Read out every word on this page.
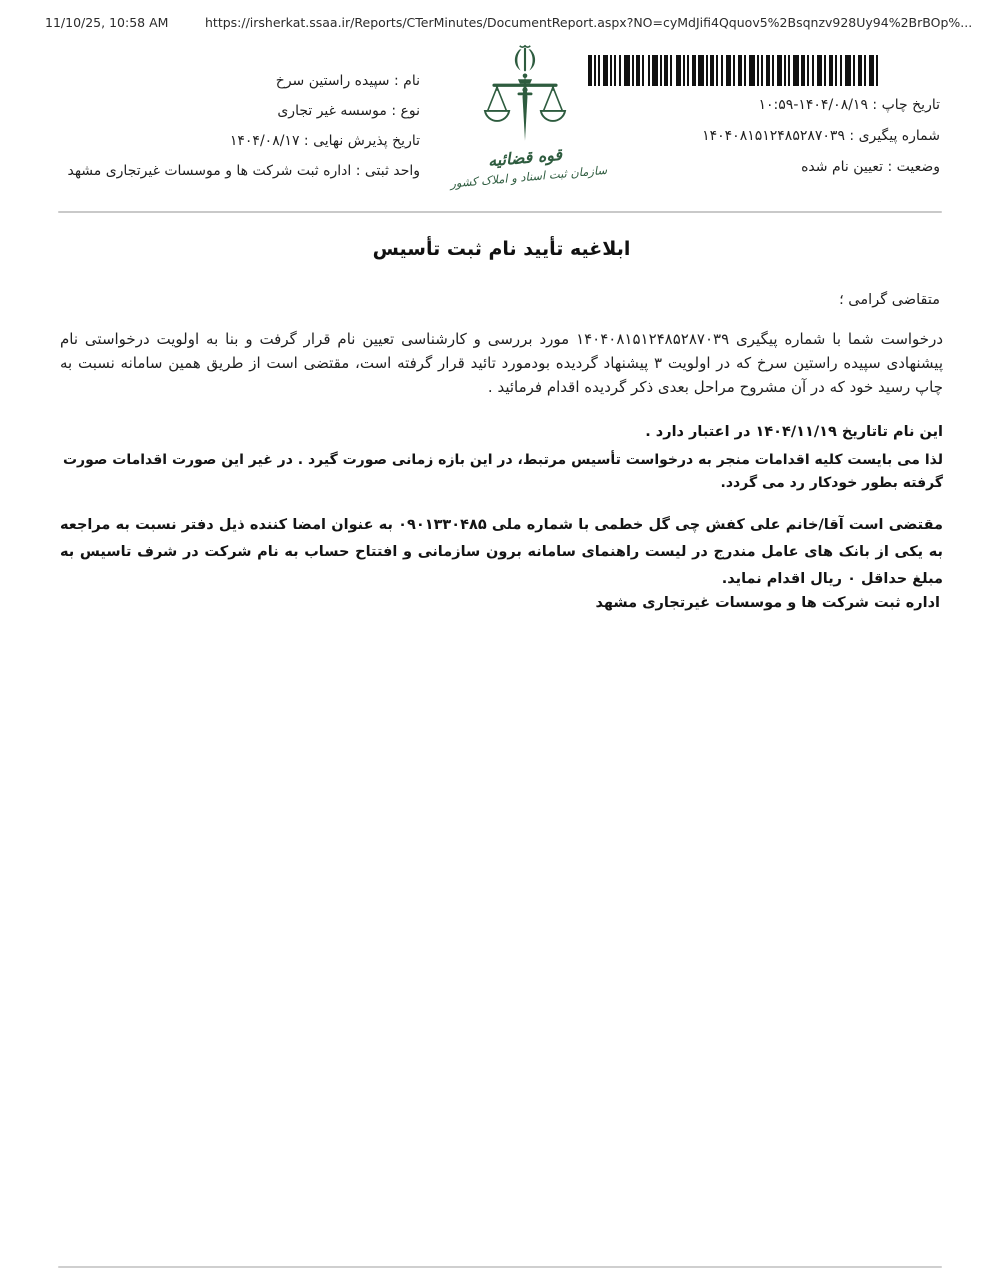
11/10/25, 10:58 AM	https://irsherkat.ssaa.ir/Reports/CTerMinutes/DocumentReport.aspx?NO=cyMdJifi4Qquov5%2Bsqnzv928Uy94%2BrBOp%...
نام : سپیده راستین سرخ
نوع : موسسه غیر تجاری
تاریخ پذیرش نهایی : ۱۴۰۴/۰۸/۱۷
واحد ثبتی : اداره ثبت شرکت ها و موسسات غیرتجاری مشهد
قوه قضائیه
سازمان ثبت اسناد و املاک کشور
تاریخ چاپ : ۱۴۰۴/۰۸/۱۹-۱۰:۵۹
شماره پیگیری : ۱۴۰۴۰۸۱۵۱۲۴۸۵۲۸۷۰۳۹
وضعیت : تعیین نام شده
ابلاغیه تأیید نام ثبت تأسیس
متقاضی گرامی ؛
درخواست شما با شماره پیگیری ۱۴۰۴۰۸۱۵۱۲۴۸۵۲۸۷۰۳۹ مورد بررسی و کارشناسی تعیین نام قرار گرفت و بنا به اولویت درخواستی نام پیشنهادی سپیده راستین سرخ که در اولویت ۳ پیشنهاد گردیده بودمورد تائید قرار گرفته است، مقتضی است از طریق همین سامانه نسبت به چاپ رسید خود که در آن مشروح مراحل بعدی ذکر گردیده اقدام فرمائید .
این نام تاتاریخ ۱۴۰۴/۱۱/۱۹ در اعتبار دارد .
لذا می بایست کلیه اقدامات منجر به درخواست تأسیس مرتبط، در این بازه زمانی صورت گیرد . در غیر این صورت اقدامات صورت گرفته بطور خودکار رد می گردد.
مقتضی است آقا/خانم علی کفش چی گل خطمی با شماره ملی ۰۹۰۱۳۳۰۴۸۵ به عنوان امضا کننده ذیل دفتر نسبت به مراجعه به یکی از بانک های عامل مندرج در لیست راهنمای سامانه برون سازمانی و افتتاح حساب به نام شرکت در شرف تاسیس به مبلغ حداقل ۰ ریال اقدام نماید.
اداره ثبت شرکت ها و موسسات غیرتجاری مشهد
